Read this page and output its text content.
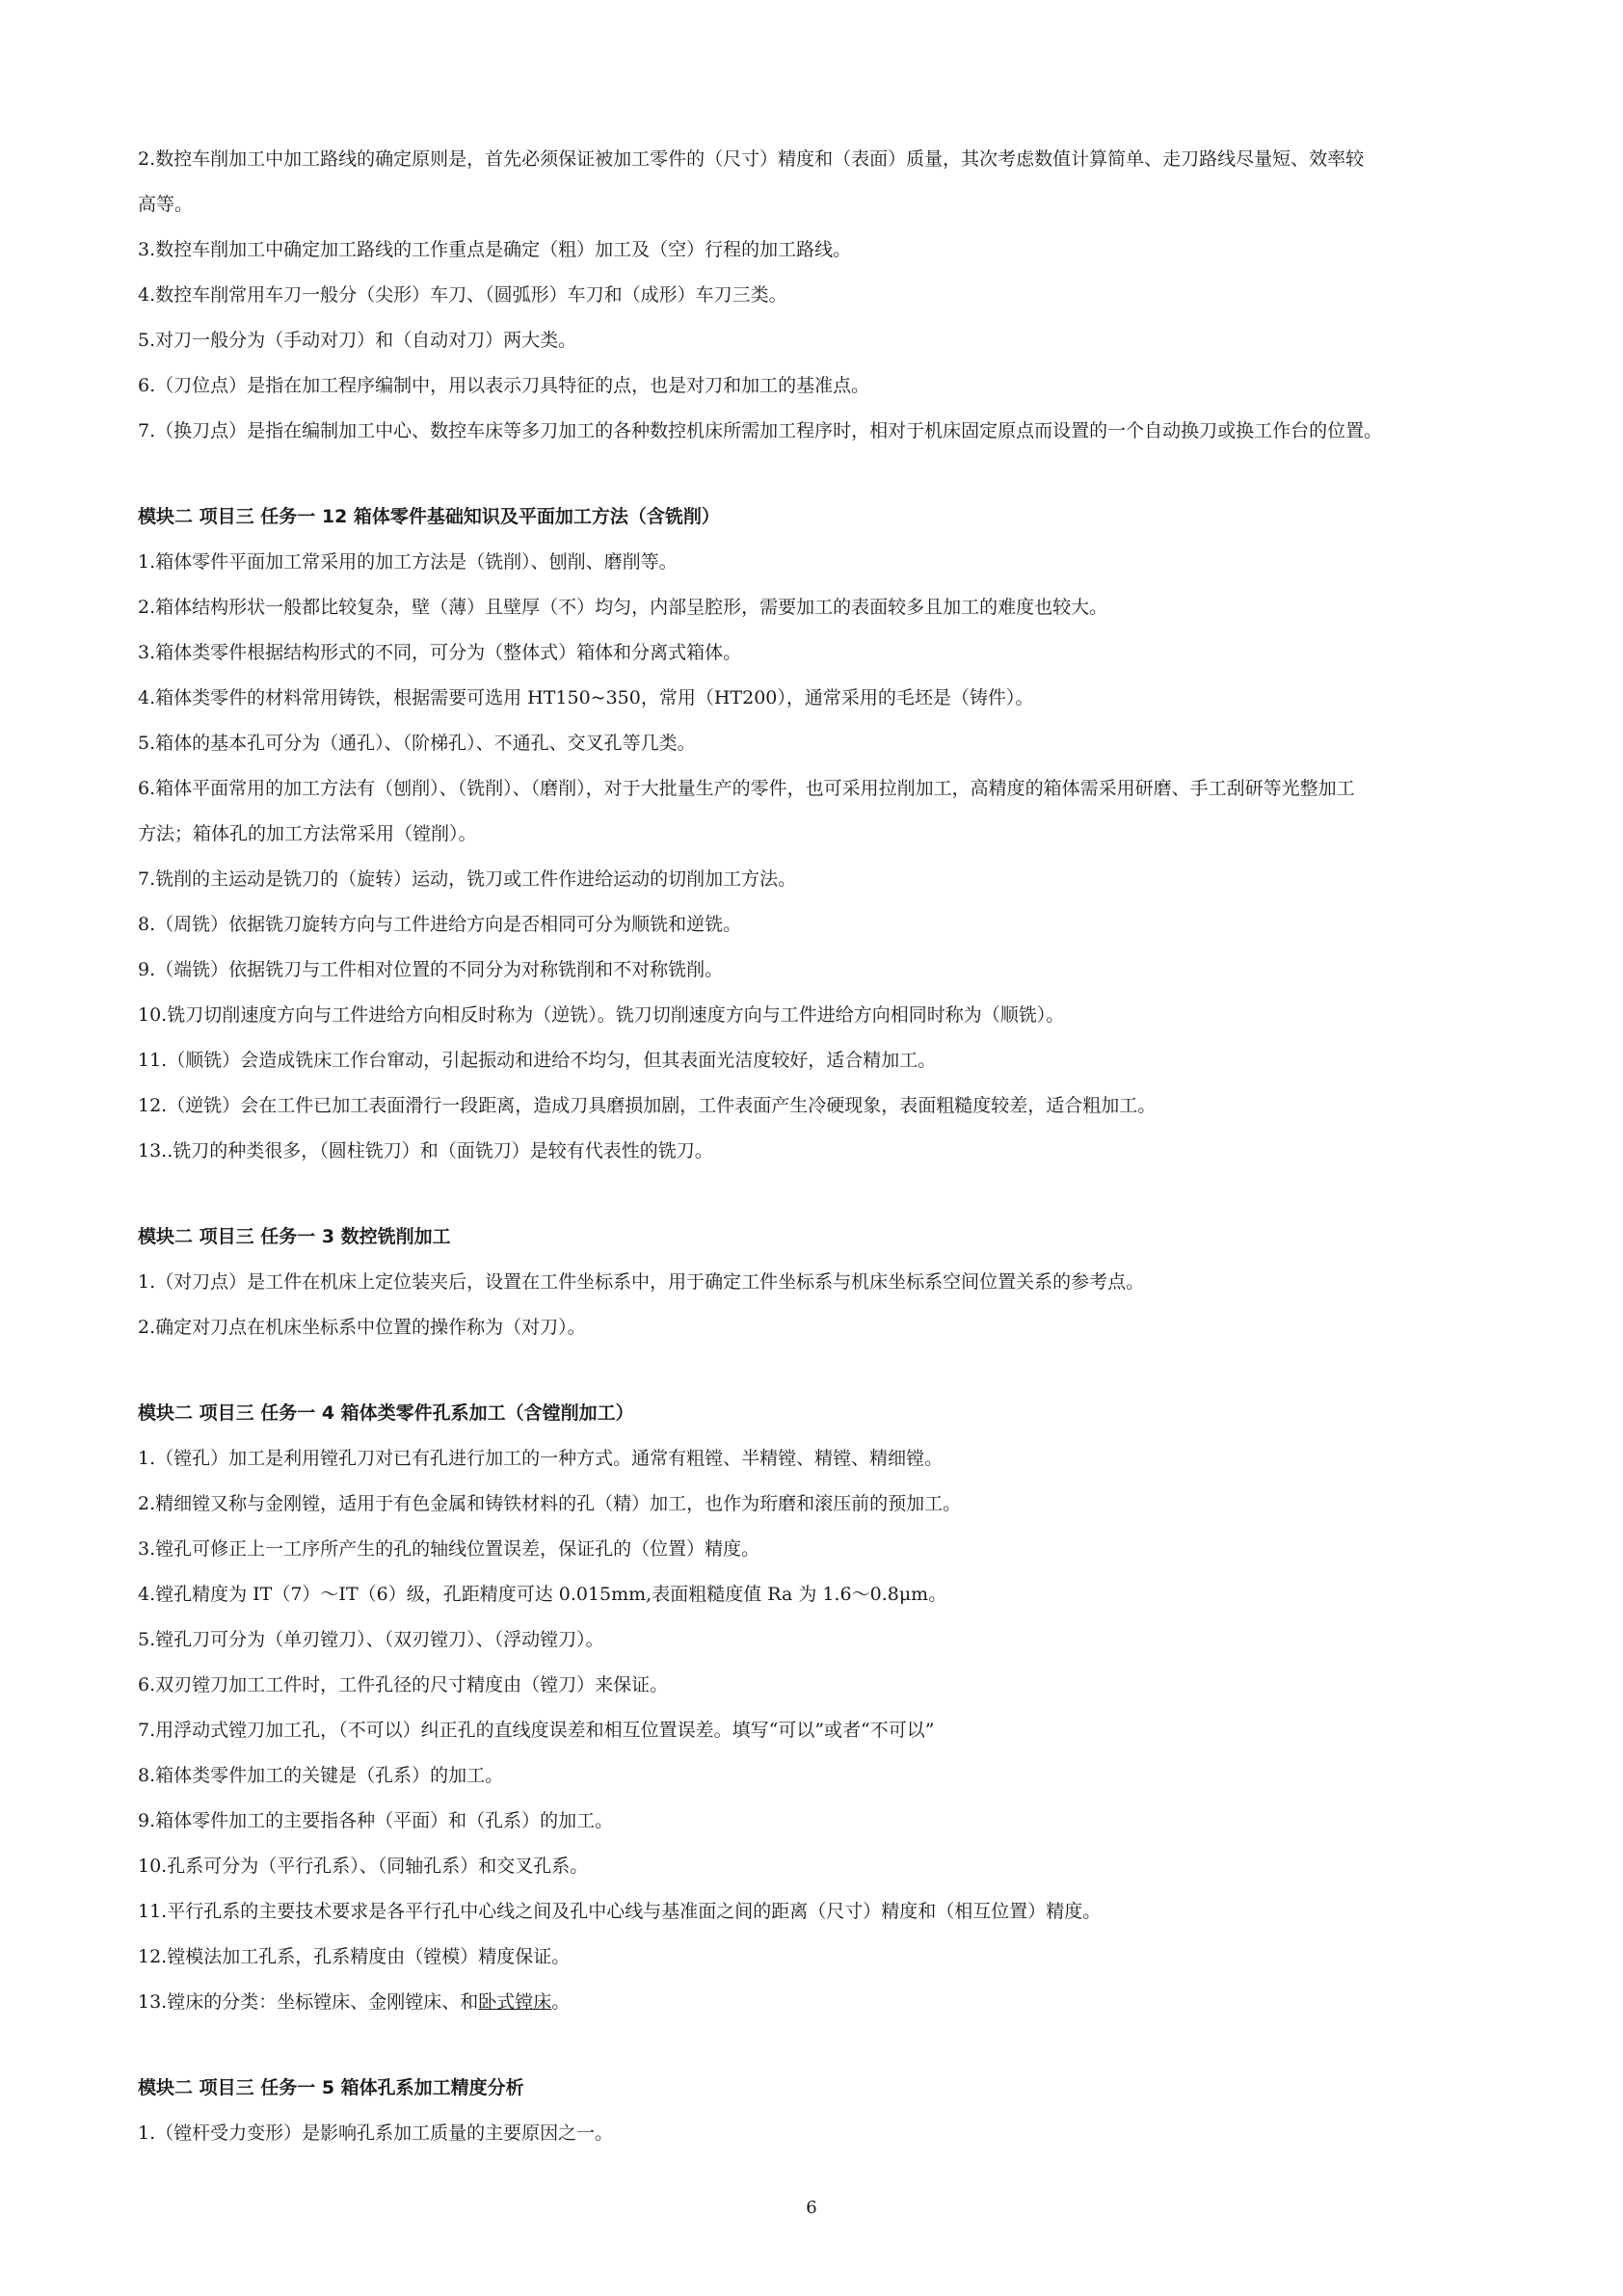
2.数控车削加工中加工路线的确定原则是，首先必须保证被加工零件的（尺寸）精度和（表面）质量，其次考虑数值计算简单、走刀路线尽量短、效率较
高等。
3.数控车削加工中确定加工路线的工作重点是确定（粗）加工及（空）行程的加工路线。
4.数控车削常用车刀一般分（尖形）车刀、（圆弧形）车刀和（成形）车刀三类。
5.对刀一般分为（手动对刀）和（自动对刀）两大类。
6.（刀位点）是指在加工程序编制中，用以表示刀具特征的点，也是对刀和加工的基准点。
7.（换刀点）是指在编制加工中心、数控车床等多刀加工的各种数控机床所需加工程序时，相对于机床固定原点而设置的一个自动换刀或换工作台的位置。
模块二 项目三 任务一 12 箱体零件基础知识及平面加工方法（含铣削）
1.箱体零件平面加工常采用的加工方法是（铣削）、刨削、磨削等。
2.箱体结构形状一般都比较复杂，壁（薄）且壁厚（不）均匀，内部呈腔形，需要加工的表面较多且加工的难度也较大。
3.箱体类零件根据结构形式的不同，可分为（整体式）箱体和分离式箱体。
4.箱体类零件的材料常用铸铁，根据需要可选用 HT150~350，常用（HT200），通常采用的毛坯是（铸件）。
5.箱体的基本孔可分为（通孔）、（阶梯孔）、不通孔、交叉孔等几类。
6.箱体平面常用的加工方法有（刨削）、（铣削）、（磨削），对于大批量生产的零件，也可采用拉削加工，高精度的箱体需采用研磨、手工刮研等光整加工
方法；箱体孔的加工方法常采用（镗削）。
7.铣削的主运动是铣刀的（旋转）运动，铣刀或工件作进给运动的切削加工方法。
8.（周铣）依据铣刀旋转方向与工件进给方向是否相同可分为顺铣和逆铣。
9.（端铣）依据铣刀与工件相对位置的不同分为对称铣削和不对称铣削。
10.铣刀切削速度方向与工件进给方向相反时称为（逆铣）。铣刀切削速度方向与工件进给方向相同时称为（顺铣）。
11.（顺铣）会造成铣床工作台窜动，引起振动和进给不均匀，但其表面光洁度较好，适合精加工。
12.（逆铣）会在工件已加工表面滑行一段距离，造成刀具磨损加剧，工件表面产生冷硬现象，表面粗糙度较差，适合粗加工。
13..铣刀的种类很多，（圆柱铣刀）和（面铣刀）是较有代表性的铣刀。
模块二 项目三 任务一 3 数控铣削加工
1.（对刀点）是工件在机床上定位装夹后，设置在工件坐标系中，用于确定工件坐标系与机床坐标系空间位置关系的参考点。
2.确定对刀点在机床坐标系中位置的操作称为（对刀）。
模块二 项目三 任务一 4 箱体类零件孔系加工（含镗削加工）
1.（镗孔）加工是利用镗孔刀对已有孔进行加工的一种方式。通常有粗镗、半精镗、精镗、精细镗。
2.精细镗又称与金刚镗，适用于有色金属和铸铁材料的孔（精）加工，也作为珩磨和滚压前的预加工。
3.镗孔可修正上一工序所产生的孔的轴线位置误差，保证孔的（位置）精度。
4.镗孔精度为 IT（7）～IT（6）级，孔距精度可达 0.015mm,表面粗糙度值 Ra 为 1.6～0.8μm。
5.镗孔刀可分为（单刃镗刀）、（双刃镗刀）、（浮动镗刀）。
6.双刃镗刀加工工件时，工件孔径的尺寸精度由（镗刀）来保证。
7.用浮动式镗刀加工孔，（不可以）纠正孔的直线度误差和相互位置误差。填写“可以”或者“不可以”
8.箱体类零件加工的关键是（孔系）的加工。
9.箱体零件加工的主要指各种（平面）和（孔系）的加工。
10.孔系可分为（平行孔系）、（同轴孔系）和交叉孔系。
11.平行孔系的主要技术要求是各平行孔中心线之间及孔中心线与基准面之间的距离（尺寸）精度和（相互位置）精度。
12.镗模法加工孔系，孔系精度由（镗模）精度保证。
13.镗床的分类：坐标镗床、金刚镗床、和卧式镗床。
模块二 项目三 任务一 5 箱体孔系加工精度分析
1.（镗杆受力变形）是影响孔系加工质量的主要原因之一。
6
